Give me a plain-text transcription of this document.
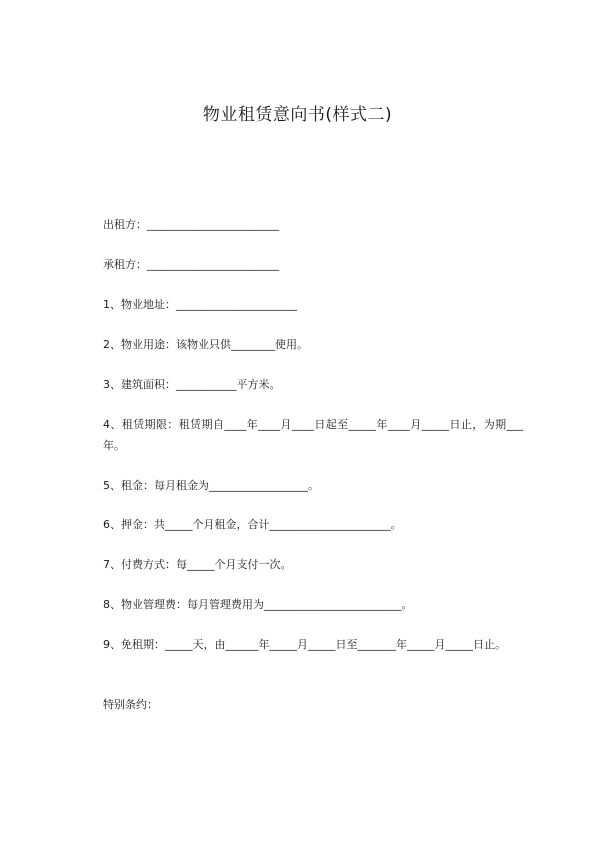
物业租赁意向书(样式二)
出租方：________________________
承租方：________________________
1、物业地址：______________________
2、物业用途：该物业只供________使用。
3、建筑面积：___________平方米。
4、租赁期限：租赁期自____年____月____日起至_____年____月_____日止，为期___年。
5、租金：每月租金为__________________。
6、押金：共_____个月租金，合计______________________。
7、付费方式：每_____个月支付一次。
8、物业管理费：每月管理费用为_________________________。
9、免租期：_____天，由______年_____月_____日至_______年_____月_____日止。
特别条约：
